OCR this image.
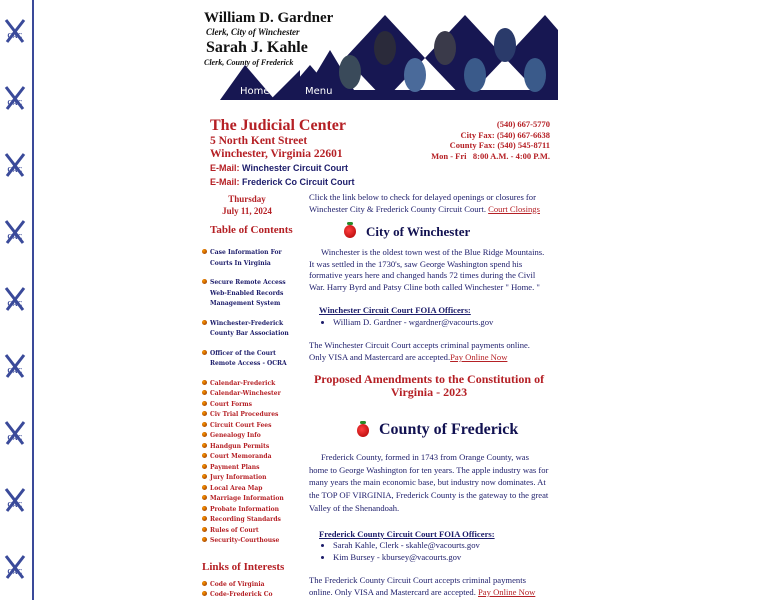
CAC
CAC
CAC
CAC
CAC
CAC
CAC
CAC
CAC
William D. Gardner
Clerk, City of Winchester
Sarah J. Kahle
Clerk, County of Frederick
Home	Menu
The Judicial Center
5 North Kent Street
Winchester, Virginia 22601
E-Mail: Winchester Circuit Court
E-Mail: Frederick Co Circuit Court
(540) 667-5770
City Fax: (540) 667-6638
County Fax: (540) 545-8711
Mon - Fri   8:00 A.M. - 4:00 P.M.
Thursday
July 11, 2024
Table of Contents
Case Information For Courts In Virginia
Secure Remote Access Web-Enabled Records Management System
Winchester-Frederick County Bar Association
Officer of the Court Remote Access - OCRA
Calendar-Frederick
Calendar-Winchester
Court Forms
Civ Trial Procedures
Circuit Court Fees
Genealogy Info
Handgun Permits
Court Memoranda
Payment Plans
Jury Information
Local Area Map
Marriage Information
Probate Information
Recording Standards
Rules of Court
Security-Courthouse
Links of Interests
Code of Virginia
Code-Frederick Co
Click the link below to check for delayed openings or closures for Winchester City & Frederick County Circuit Court. Court Closings
City of Winchester

Winchester is the oldest town west of the Blue Ridge Mountains. It was settled in the 1730's, saw George Washington spend his formative years here and changed hands 72 times during the Civil War. Harry Byrd and Patsy Cline both called Winchester " Home. "

Winchester Circuit Court FOIA Officers:
• William D. Gardner - wgardner@vacourts.gov

The Winchester Circuit Court accepts criminal payments online. Only VISA and Mastercard are accepted.Pay Online Now

Proposed Amendments to the Constitution of Virginia - 2023
County of Frederick

Frederick County, formed in 1743 from Orange County, was home to George Washington for ten years. The apple industry was for many years the main economic base, but industry now dominates. At the TOP OF VIRGINIA, Frederick County is the gateway to the great Valley of the Shenandoah.

Frederick County Circuit Court FOIA Officers:
• Sarah Kahle, Clerk - skahle@vacourts.gov
• Kim Bursey - kbursey@vacourts.gov

The Frederick County Circuit Court accepts criminal payments online. Only VISA and Mastercard are accepted. Pay Online Now
